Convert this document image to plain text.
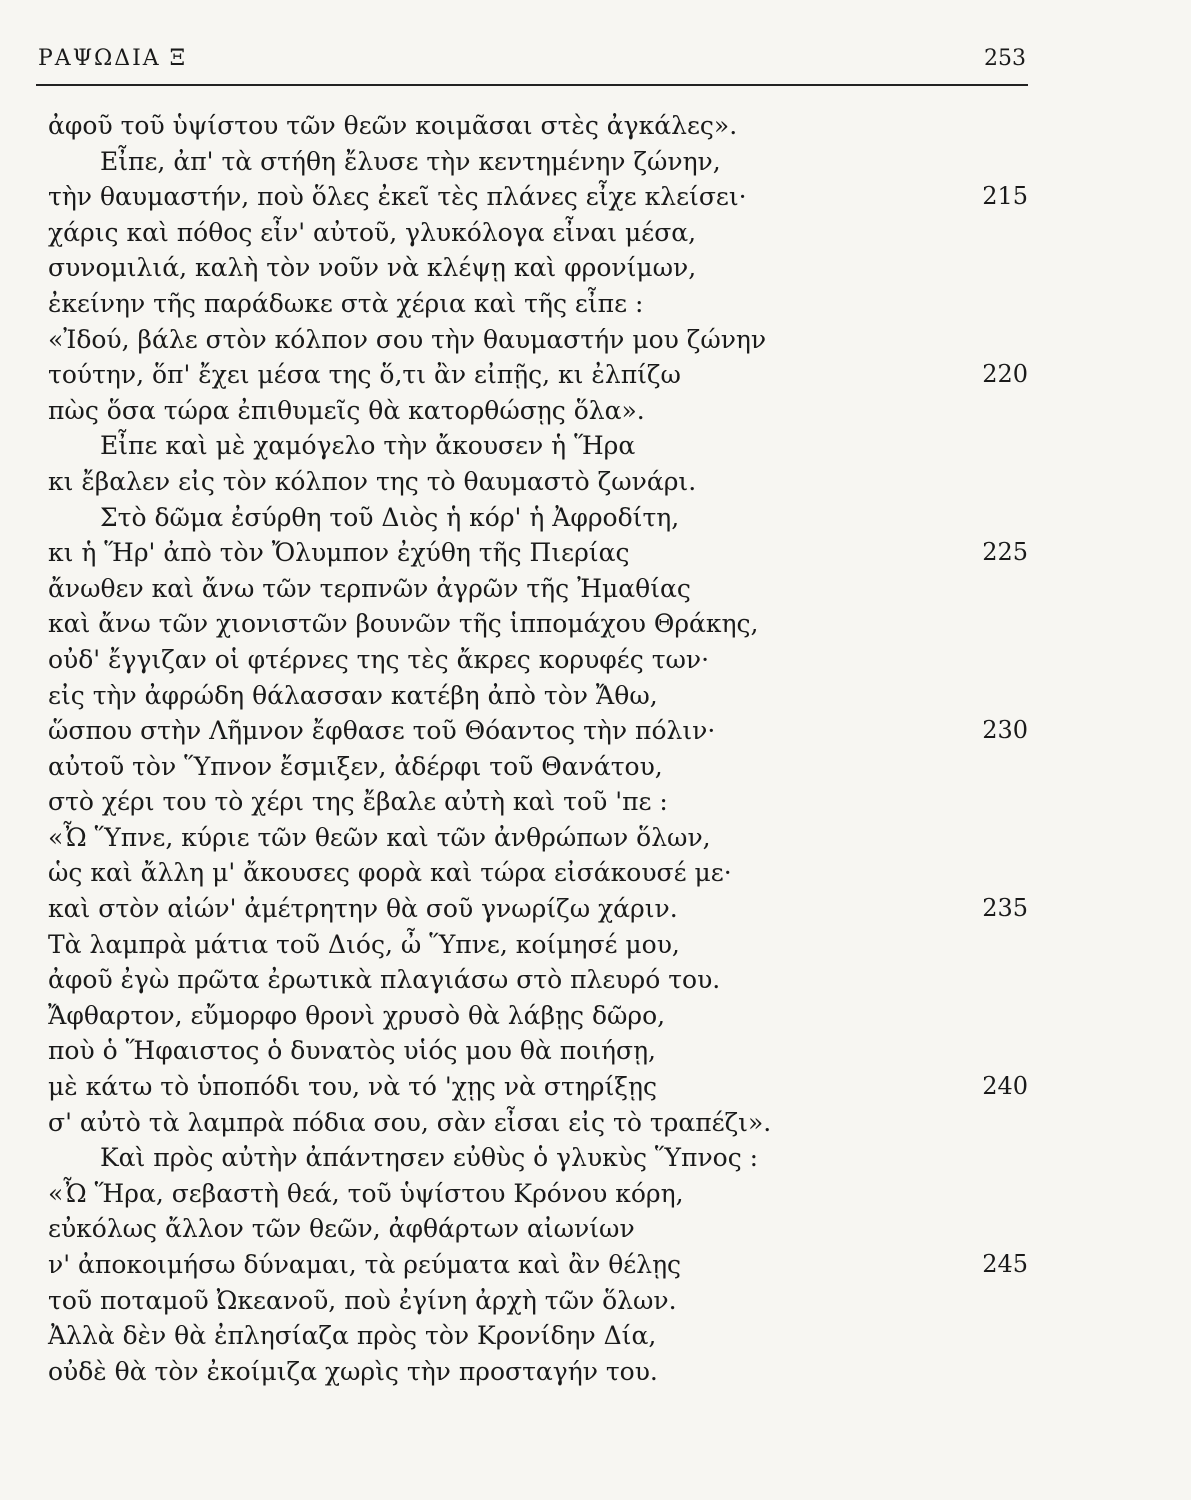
ΡΑΨΩΔΙΑ Ξ	253
ἀφοῦ τοῦ ὑψίστου τῶν θεῶν κοιμᾶσαι στὲς ἀγκάλες».
Εἶπε, ἀπ' τὰ στήθη ἔλυσε τὴν κεντημένην ζώνην,
τὴν θαυμαστήν, ποὺ ὅλες ἐκεῖ τὲς πλάνες εἶχε κλείσει·	215
χάρις καὶ πόθος εἶν' αὐτοῦ, γλυκόλογα εἶναι μέσα,
συνομιλιά, καλὴ τὸν νοῦν νὰ κλέψῃ καὶ φρονίμων,
ἐκείνην τῆς παράδωκε στὰ χέρια καὶ τῆς εἶπε :
«Ἰδού, βάλε στὸν κόλπον σου τὴν θαυμαστήν μου ζώνην
τούτην, ὅπ' ἔχει μέσα της ὅ,τι ἂν εἰπῇς, κι ἐλπίζω	220
πὼς ὅσα τώρα ἐπιθυμεῖς θὰ κατορθώσῃς ὅλα».
Εἶπε καὶ μὲ χαμόγελο τὴν ἄκουσεν ἡ Ἥρα
κι ἔβαλεν εἰς τὸν κόλπον της τὸ θαυμαστὸ ζωνάρι.
Στὸ δῶμα ἐσύρθη τοῦ Διὸς ἡ κόρ' ἡ Ἀφροδίτη,
κι ἡ Ἥρ' ἀπὸ τὸν Ὄλυμπον ἐχύθη τῆς Πιερίας	225
ἄνωθεν καὶ ἄνω τῶν τερπνῶν ἀγρῶν τῆς Ἠμαθίας
καὶ ἄνω τῶν χιονιστῶν βουνῶν τῆς ἱππομάχου Θράκης,
οὐδ' ἔγγιζαν οἱ φτέρνες της τὲς ἄκρες κορυφές των·
εἰς τὴν ἀφρώδη θάλασσαν κατέβη ἀπὸ τὸν Ἄθω,
ὥσπου στὴν Λῆμνον ἔφθασε τοῦ Θόαντος τὴν πόλιν·	230
αὐτοῦ τὸν Ὕπνον ἔσμιξεν, ἀδέρφι τοῦ Θανάτου,
στὸ χέρι του τὸ χέρι της ἔβαλε αὐτὴ καὶ τοῦ 'πε :
«Ὦ Ὕπνε, κύριε τῶν θεῶν καὶ τῶν ἀνθρώπων ὅλων,
ὡς καὶ ἄλλη μ' ἄκουσες φορὰ καὶ τώρα εἰσάκουσέ με·
καὶ στὸν αἰών' ἀμέτρητην θὰ σοῦ γνωρίζω χάριν.	235
Τὰ λαμπρὰ μάτια τοῦ Διός, ὦ Ὕπνε, κοίμησέ μου,
ἀφοῦ ἐγὼ πρῶτα ἐρωτικὰ πλαγιάσω στὸ πλευρό του.
Ἄφθαρτον, εὔμορφο θρονὶ χρυσὸ θὰ λάβῃς δῶρο,
ποὺ ὁ Ἥφαιστος ὁ δυνατὸς υἱός μου θὰ ποιήσῃ,
μὲ κάτω τὸ ὑποπόδι του, νὰ τό 'χῃς νὰ στηρίξῃς	240
σ' αὐτὸ τὰ λαμπρὰ πόδια σου, σὰν εἶσαι εἰς τὸ τραπέζι».
Καὶ πρὸς αὐτὴν ἀπάντησεν εὐθὺς ὁ γλυκὺς Ὕπνος :
«Ὦ Ἥρα, σεβαστὴ θεά, τοῦ ὑψίστου Κρόνου κόρη,
εὐκόλως ἄλλον τῶν θεῶν, ἀφθάρτων αἰωνίων
ν' ἀποκοιμήσω δύναμαι, τὰ ρεύματα καὶ ἂν θέλῃς	245
τοῦ ποταμοῦ Ὠκεανοῦ, ποὺ ἐγίνη ἀρχὴ τῶν ὅλων.
Ἀλλὰ δὲν θὰ ἐπλησίαζα πρὸς τὸν Κρονίδην Δία,
οὐδὲ θὰ τὸν ἐκοίμιζα χωρὶς τὴν προσταγήν του.
